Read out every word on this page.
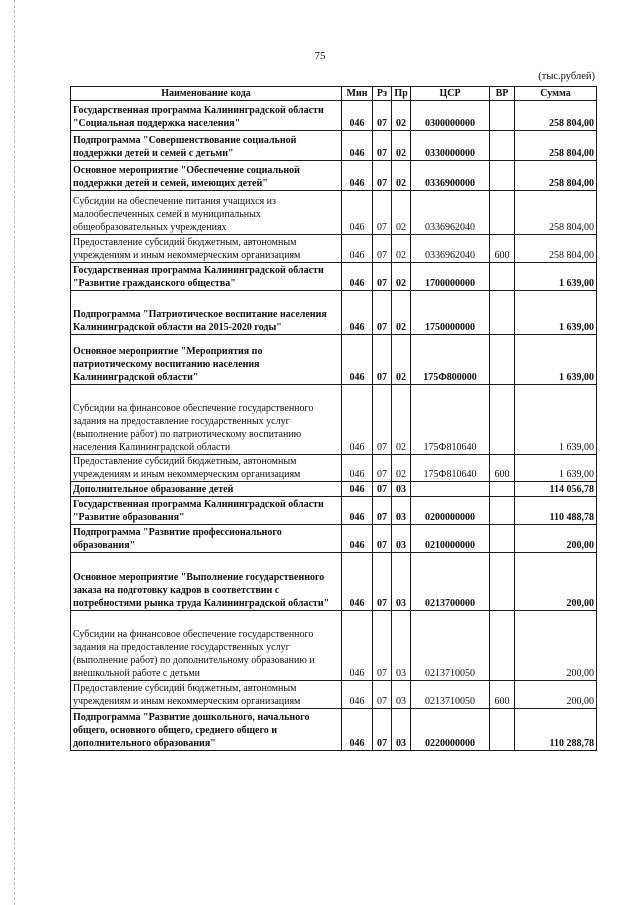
75
(тыс.рублей)
Наименование кода	Мин	Рз	Пр	ЦСР	ВР	Сумма
Государственная программа Калининградской области "Социальная поддержка населения"	046	07	02	0300000000		258 804,00
Подпрограмма "Совершенствование социальной поддержки детей и семей с детьми"	046	07	02	0330000000		258 804,00
Основное мероприятие "Обеспечение социальной поддержки детей и семей, имеющих детей"	046	07	02	0336900000		258 804,00
Субсидии на обеспечение питания учащихся из малообеспеченных семей в муниципальных общеобразовательных учреждениях	046	07	02	0336962040		258 804,00
Предоставление субсидий бюджетным, автономным учреждениям и иным некоммерческим организациям	046	07	02	0336962040	600	258 804,00
Государственная программа Калининградской области "Развитие гражданского общества"	046	07	02	1700000000		1 639,00
Подпрограмма "Патриотическое воспитание населения Калининградской области на 2015-2020 годы"	046	07	02	1750000000		1 639,00
Основное мероприятие "Мероприятия по патриотическому воспитанию населения Калининградской области"	046	07	02	175Ф800000		1 639,00
Субсидии на финансовое обеспечение государственного задания на предоставление государственных услуг (выполнение работ) по патриотическому воспитанию населения Калининградской области	046	07	02	175Ф810640		1 639,00
Предоставление субсидий бюджетным, автономным учреждениям и иным некоммерческим организациям	046	07	02	175Ф810640	600	1 639,00
Дополнительное образование детей	046	07	03			114 056,78
Государственная программа Калининградской области "Развитие образования"	046	07	03	0200000000		110 488,78
Подпрограмма "Развитие профессионального образования"	046	07	03	0210000000		200,00
Основное мероприятие "Выполнение государственного заказа на подготовку кадров в соответствии с потребностями рынка труда Калининградской области"	046	07	03	0213700000		200,00
Субсидии на финансовое обеспечение государственного задания на предоставление государственных услуг (выполнение работ) по дополнительному образованию и внешкольной работе с детьми	046	07	03	0213710050		200,00
Предоставление субсидий бюджетным, автономным учреждениям и иным некоммерческим организациям	046	07	03	0213710050	600	200,00
Подпрограмма "Развитие дошкольного, начального общего, основного общего, среднего общего и дополнительного образования"	046	07	03	0220000000		110 288,78
